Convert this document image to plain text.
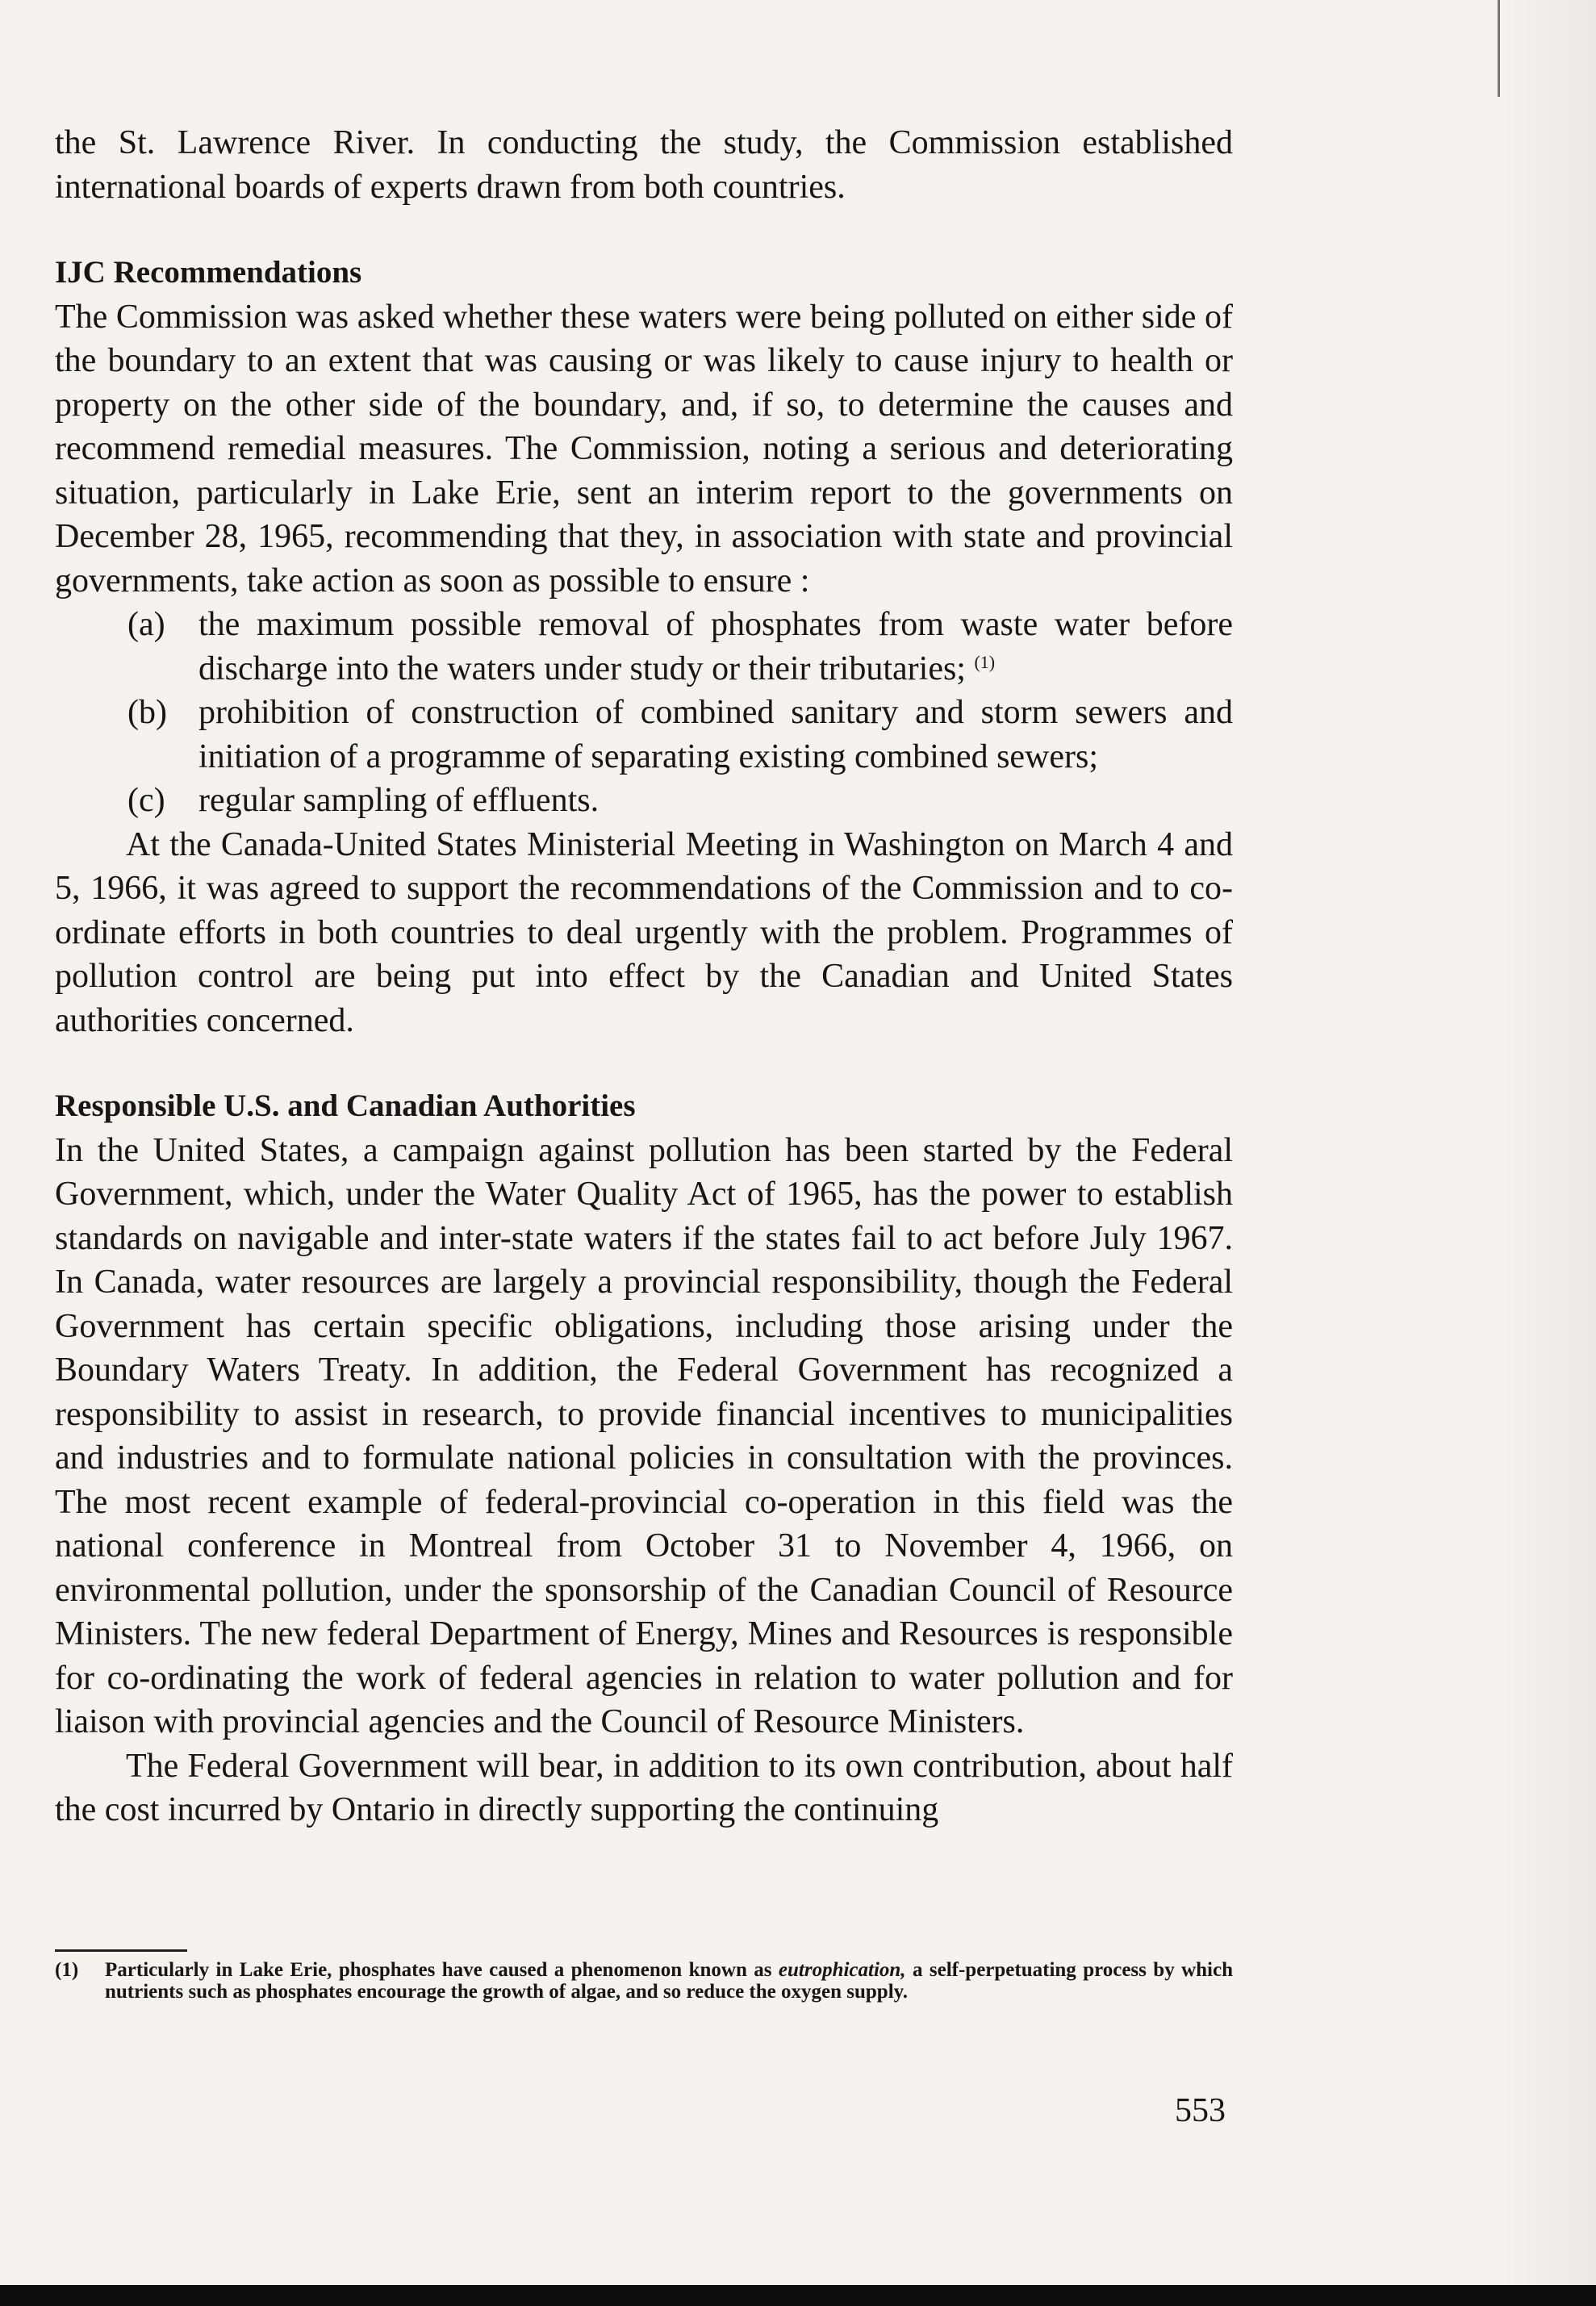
the St. Lawrence River. In conducting the study, the Commission established international boards of experts drawn from both countries.

IJC Recommendations

The Commission was asked whether these waters were being polluted on either side of the boundary to an extent that was causing or was likely to cause injury to health or property on the other side of the boundary, and, if so, to determine the causes and recommend remedial measures. The Commission, noting a serious and deteriorating situation, particularly in Lake Erie, sent an interim report to the governments on December 28, 1965, recommending that they, in association with state and provincial governments, take action as soon as possible to ensure :

(a) the maximum possible removal of phosphates from waste water before discharge into the waters under study or their tributaries; $^{(1)}$
(b) prohibition of construction of combined sanitary and storm sewers and initiation of a programme of separating existing combined sewers;
(c) regular sampling of effluents.

At the Canada-United States Ministerial Meeting in Washington on March 4 and 5, 1966, it was agreed to support the recommendations of the Commission and to co-ordinate efforts in both countries to deal urgently with the problem. Programmes of pollution control are being put into effect by the Canadian and United States authorities concerned.

Responsible U.S. and Canadian Authorities

In the United States, a campaign against pollution has been started by the Federal Government, which, under the Water Quality Act of 1965, has the power to establish standards on navigable and inter-state waters if the states fail to act before July 1967. In Canada, water resources are largely a provincial responsibility, though the Federal Government has certain specific obligations, including those arising under the Boundary Waters Treaty. In addition, the Federal Government has recognized a responsibility to assist in research, to provide financial incentives to municipalities and industries and to formulate national policies in consultation with the provinces. The most recent example of federal-provincial co-operation in this field was the national conference in Montreal from October 31 to November 4, 1966, on environmental pollution, under the sponsorship of the Canadian Council of Resource Ministers. The new federal Department of Energy, Mines and Resources is responsible for co-ordinating the work of federal agencies in relation to water pollution and for liaison with provincial agencies and the Council of Resource Ministers.

The Federal Government will bear, in addition to its own contribution, about half the cost incurred by Ontario in directly supporting the continuing

(1) Particularly in Lake Erie, phosphates have caused a phenomenon known as eutrophication, a self-perpetuating process by which nutrients such as phosphates encourage the growth of algae, and so reduce the oxygen supply.
553
